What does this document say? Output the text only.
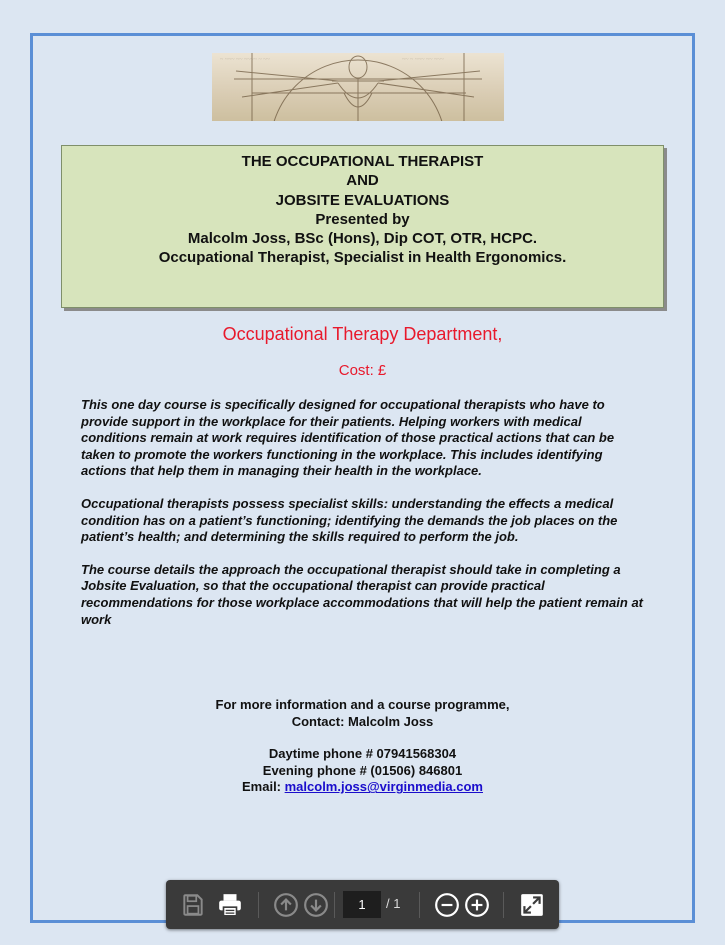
~ ~~~ ~~ ~~~~ ~ ~~	~~ ~ ~~~ ~~ ~~~
THE OCCUPATIONAL THERAPIST
AND
JOBSITE EVALUATIONS
Presented by
Malcolm Joss, BSc (Hons), Dip COT, OTR, HCPC.
Occupational Therapist, Specialist in Health Ergonomics.
Occupational Therapy Department,
Cost: £

This one day course is specifically designed for occupational therapists who have to provide support in the workplace for their patients. Helping workers with medical conditions remain at work requires identification of those practical actions that can be taken to promote the workers functioning in the workplace. This includes identifying actions that help them in managing their health in the workplace.

Occupational therapists possess specialist skills: understanding the effects a medical condition has on a patient’s functioning; identifying the demands the job places on the patient’s health; and determining the skills required to perform the job.

The course details the approach the occupational therapist should take in completing a Jobsite Evaluation, so that the occupational therapist can provide practical recommendations for those workplace accommodations that will help the patient remain at work

For more information and a course programme,
Contact: Malcolm Joss
Daytime phone # 07941568304
Evening phone # (01506) 846801
Email: malcolm.joss@virginmedia.com
1
/ 1
